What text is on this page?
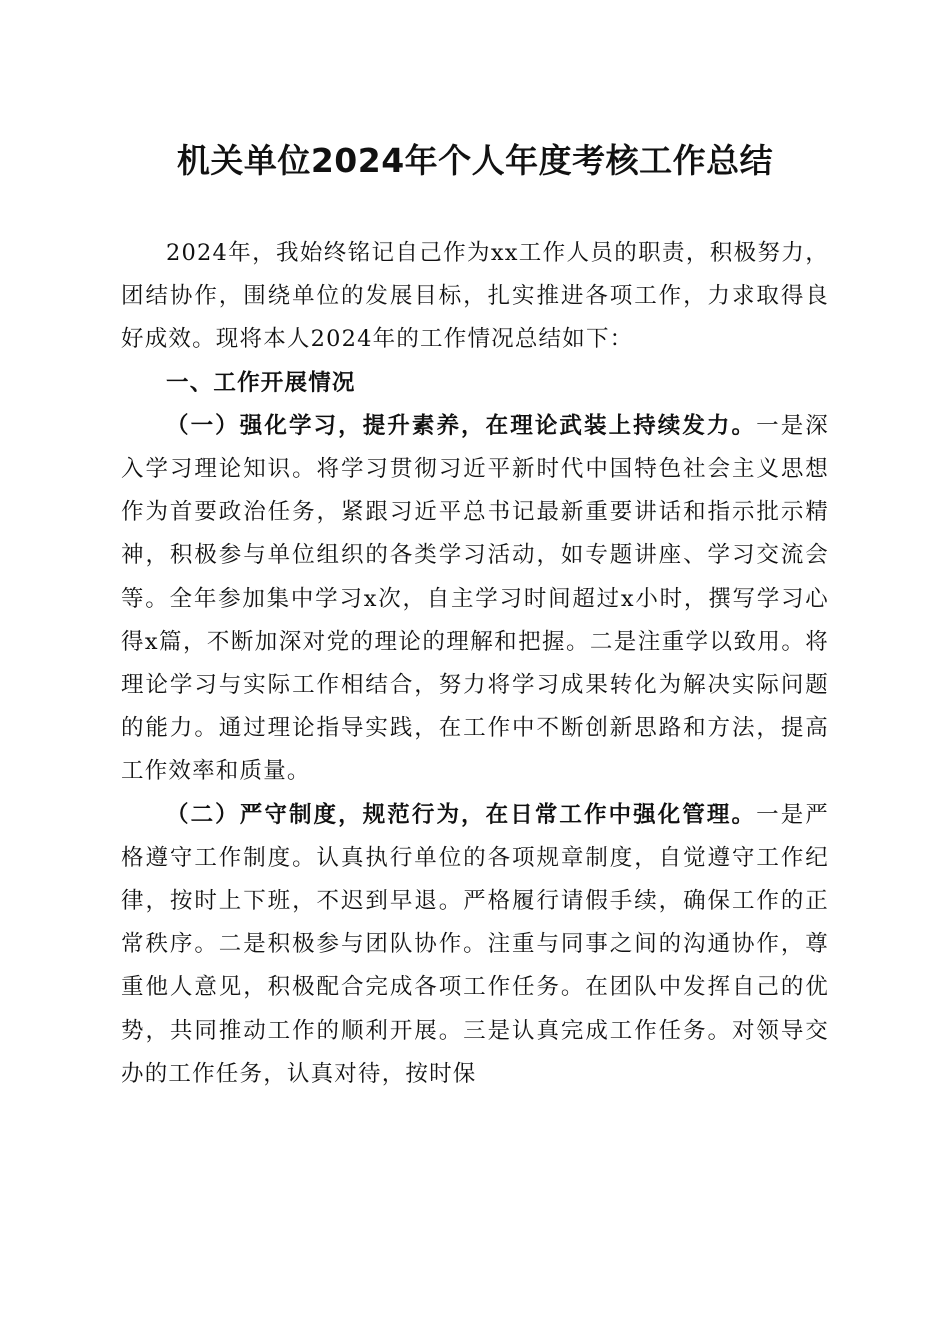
机关单位2024年个人年度考核工作总结

2024年，我始终铭记自己作为xx工作人员的职责，积极努力，团结协作，围绕单位的发展目标，扎实推进各项工作，力求取得良好成效。现将本人2024年的工作情况总结如下：

一、工作开展情况

（一）强化学习，提升素养，在理论武装上持续发力。一是深入学习理论知识。将学习贯彻习近平新时代中国特色社会主义思想作为首要政治任务，紧跟习近平总书记最新重要讲话和指示批示精神，积极参与单位组织的各类学习活动，如专题讲座、学习交流会等。全年参加集中学习x次，自主学习时间超过x小时，撰写学习心得x篇，不断加深对党的理论的理解和把握。二是注重学以致用。将理论学习与实际工作相结合，努力将学习成果转化为解决实际问题的能力。通过理论指导实践，在工作中不断创新思路和方法，提高工作效率和质量。

（二）严守制度，规范行为，在日常工作中强化管理。一是严格遵守工作制度。认真执行单位的各项规章制度，自觉遵守工作纪律，按时上下班，不迟到早退。严格履行请假手续，确保工作的正常秩序。二是积极参与团队协作。注重与同事之间的沟通协作，尊重他人意见，积极配合完成各项工作任务。在团队中发挥自己的优势，共同推动工作的顺利开展。三是认真完成工作任务。对领导交办的工作任务，认真对待，按时保
